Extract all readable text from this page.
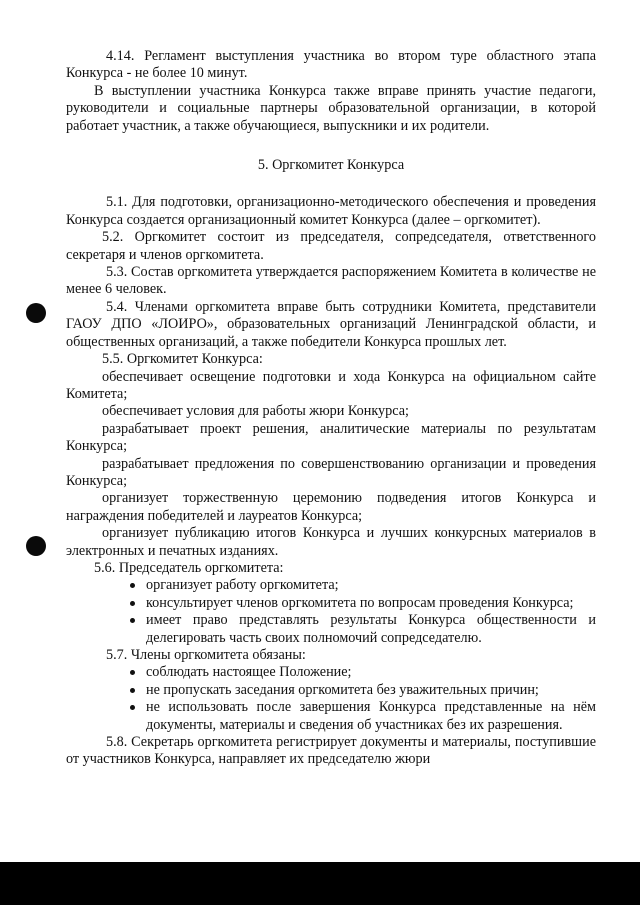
4.14. Регламент выступления участника во втором туре областного этапа Конкурса - не более 10 минут.

В выступлении участника Конкурса также вправе принять участие педагоги, руководители и социальные партнеры образовательной организации, в которой работает участник, а также обучающиеся, выпускники и их родители.

5. Оргкомитет Конкурса

5.1. Для подготовки, организационно-методического обеспечения и проведения Конкурса создается организационный комитет Конкурса (далее – оргкомитет).

5.2. Оргкомитет состоит из председателя, сопредседателя, ответственного секретаря и членов оргкомитета.

5.3. Состав оргкомитета утверждается распоряжением Комитета в количестве не менее 6 человек.

5.4. Членами оргкомитета вправе быть сотрудники Комитета, представители ГАОУ ДПО «ЛОИРО», образовательных организаций Ленинградской области, и общественных организаций, а также победители Конкурса прошлых лет.

5.5. Оргкомитет Конкурса:

обеспечивает освещение подготовки и хода Конкурса на официальном сайте Комитета;

обеспечивает условия для работы жюри Конкурса;

разрабатывает проект решения, аналитические материалы по результатам Конкурса;

разрабатывает предложения по совершенствованию организации и проведения Конкурса;

организует торжественную церемонию подведения итогов Конкурса и награждения победителей и лауреатов Конкурса;

организует публикацию итогов Конкурса и лучших конкурсных материалов в электронных и печатных изданиях.

5.6. Председатель оргкомитета:

организует работу оргкомитета;
консультирует членов оргкомитета по вопросам проведения Конкурса;
имеет право представлять результаты Конкурса общественности и делегировать часть своих полномочий сопредседателю.

5.7. Члены оргкомитета обязаны:

соблюдать настоящее Положение;
не пропускать заседания оргкомитета без уважительных причин;
не использовать после завершения Конкурса представленные на нём документы, материалы и сведения об участниках без их разрешения.

5.8. Секретарь оргкомитета регистрирует документы и материалы, поступившие от участников Конкурса, направляет их председателю жюри
